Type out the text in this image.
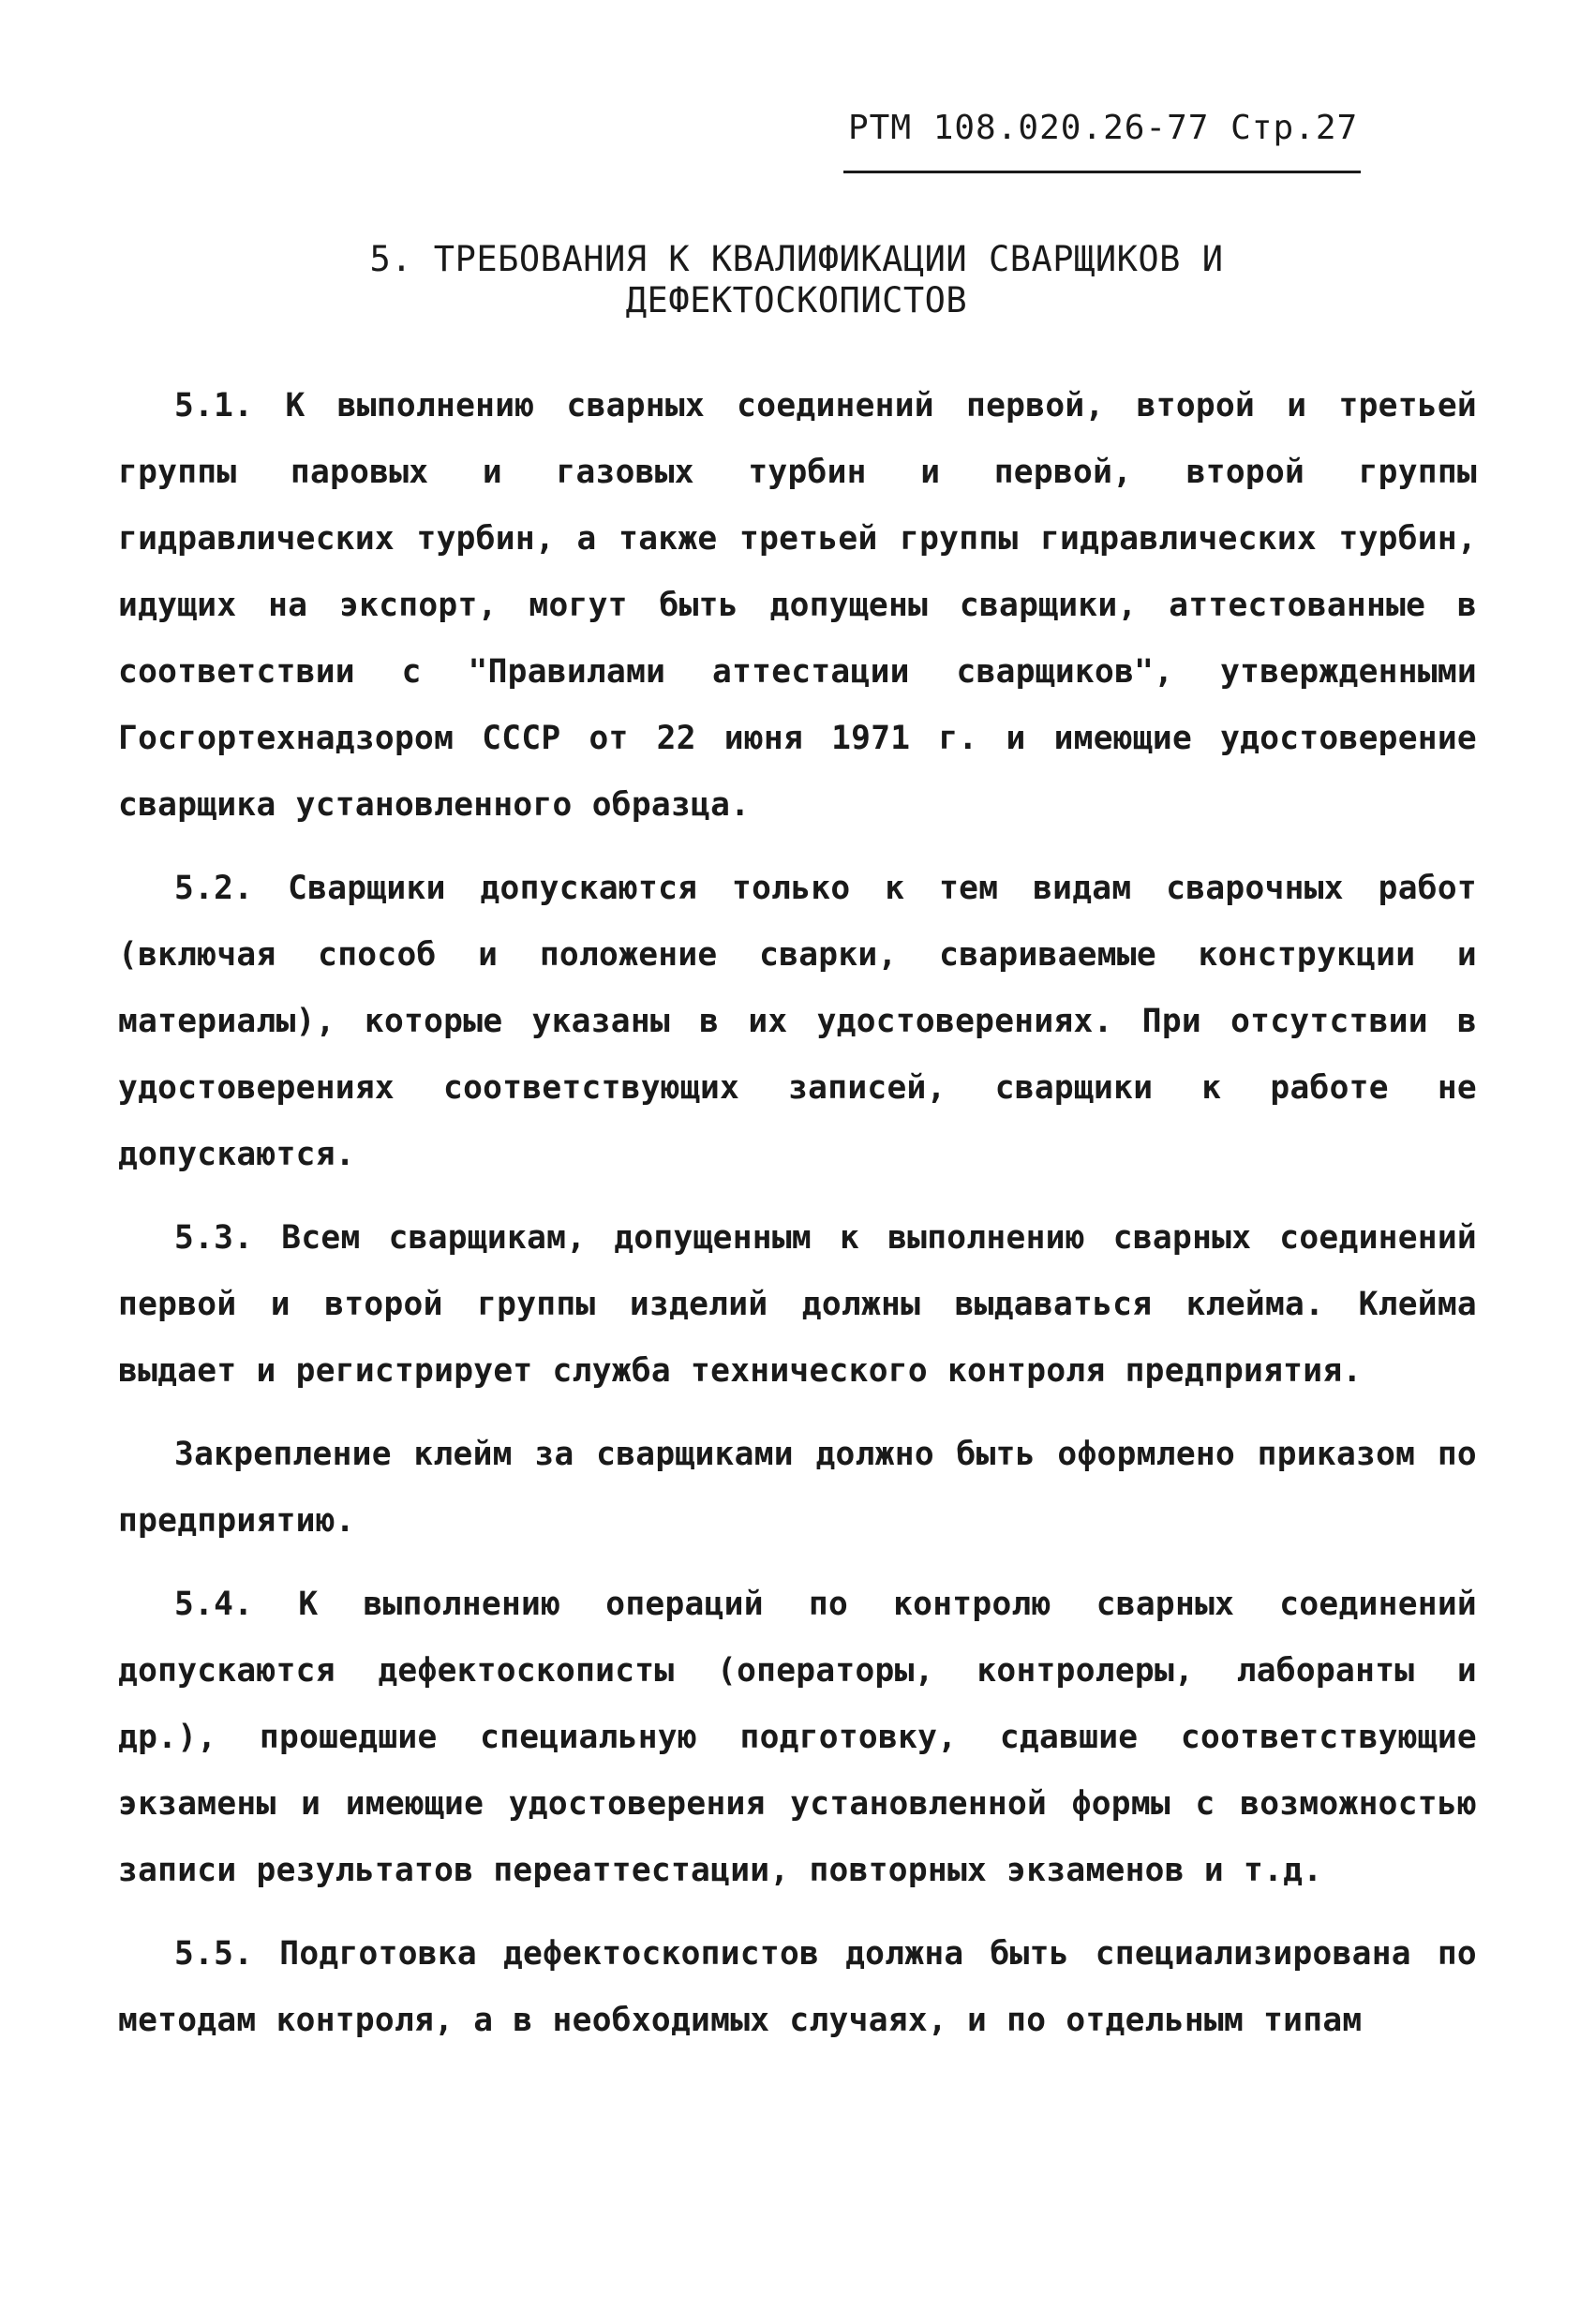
РТМ 108.020.26-77 Стр.27
5. ТРЕБОВАНИЯ К КВАЛИФИКАЦИИ СВАРЩИКОВ И
ДЕФЕКТОСКОПИСТОВ

5.1. К выполнению сварных соединений первой, второй и третьей группы паровых и газовых турбин и первой, второй группы гидравлических турбин, а также третьей группы гидравлических турбин, идущих на экспорт, могут быть допущены сварщики, аттестованные в соответствии с "Правилами аттестации сварщиков", утвержденными Госгортехнадзором СССР от 22 июня 1971 г. и имеющие удостоверение сварщика установленного образца.

5.2. Сварщики допускаются только к тем видам сварочных работ (включая способ и положение сварки, свариваемые конструкции и материалы), которые указаны в их удостоверениях. При отсутствии в удостоверениях соответствующих записей, сварщики к работе не допускаются.

5.3. Всем сварщикам, допущенным к выполнению сварных соединений первой и второй группы изделий должны выдаваться клейма. Клейма выдает и регистрирует служба технического контроля предприятия.

Закрепление клейм за сварщиками должно быть оформлено приказом по предприятию.

5.4. К выполнению операций по контролю сварных соединений допускаются дефектоскописты (операторы, контролеры, лаборанты и др.), прошедшие специальную подготовку, сдавшие соответствующие экзамены и имеющие удостоверения установленной формы с возможностью записи результатов переаттестации, повторных экзаменов и т.д.

5.5. Подготовка дефектоскопистов должна быть специализирована по методам контроля, а в необходимых случаях, и по отдельным типам
